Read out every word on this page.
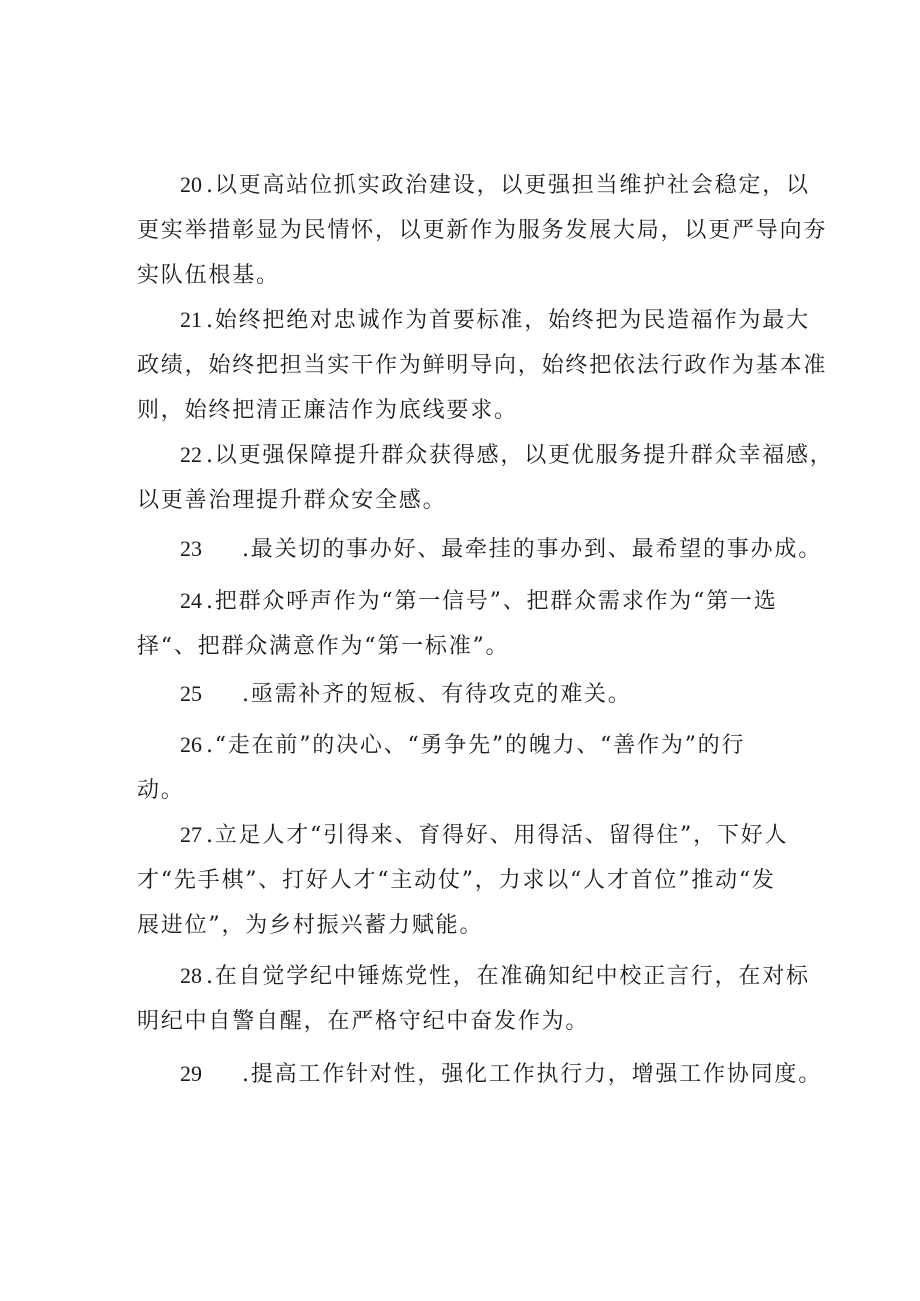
20 .以更高站位抓实政治建设，以更强担当维护社会稳定，以
更实举措彰显为民情怀，以更新作为服务发展大局，以更严导向夯
实队伍根基。

21 .始终把绝对忠诚作为首要标准，始终把为民造福作为最大
政绩，始终把担当实干作为鲜明导向，始终把依法行政作为基本准
则，始终把清正廉洁作为底线要求。

22 .以更强保障提升群众获得感，以更优服务提升群众幸福感，
以更善治理提升群众安全感。

23 .最关切的事办好、最牵挂的事办到、最希望的事办成。

24 .把群众呼声作为“第一信号”、把群众需求作为“第一选
择“、把群众满意作为“第一标准”。

25 .亟需补齐的短板、有待攻克的难关。

26 .“走在前”的决心、“勇争先”的魄力、“善作为”的行
动。

27 .立足人才“引得来、育得好、用得活、留得住”，下好人
才“先手棋”、打好人才“主动仗”，力求以“人才首位”推动“发
展进位”，为乡村振兴蓄力赋能。

28 .在自觉学纪中锤炼党性，在准确知纪中校正言行，在对标
明纪中自警自醒，在严格守纪中奋发作为。

29 .提高工作针对性，强化工作执行力，增强工作协同度。
